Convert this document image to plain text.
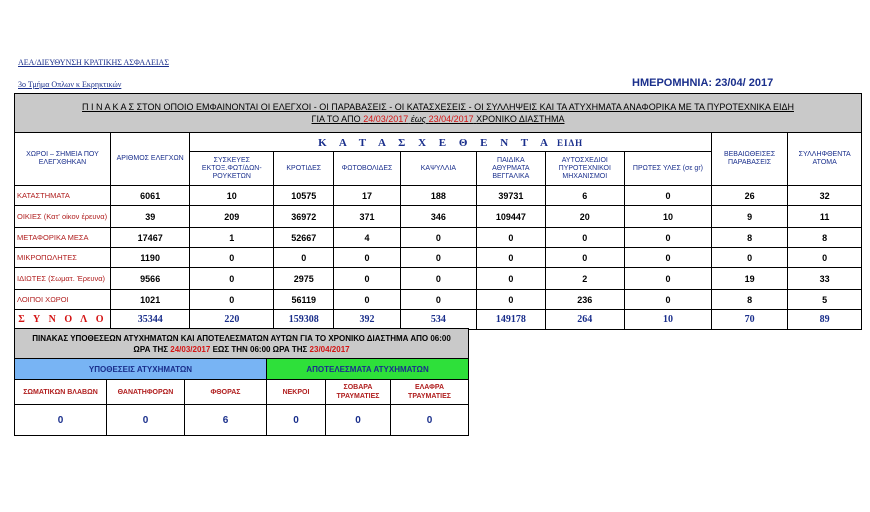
ΑΕΑ/ΔΙΕΥΘΥΝΣΗ ΚΡΑΤΙΚΗΣ ΑΣΦΑΛΕΙΑΣ
3ο Τμήμα Οπλων κ Εκρηκτικών	ΗΜΕΡΟΜΗΝΙΑ: 23/04/ 2017
Π Ι Ν Α Κ Α Σ ΣΤΟΝ ΟΠΟΙΟ ΕΜΦΑΙΝΟΝΤΑΙ ΟΙ ΕΛΕΓΧΟΙ - ΟΙ ΠΑΡΑΒΑΣΕΙΣ - ΟΙ ΚΑΤΑΣΧΕΣΕΙΣ - ΟΙ ΣΥΛΛΗΨΕΙΣ ΚΑΙ ΤΑ ΑΤΥΧΗΜΑΤΑ ΑΝΑΦΟΡΙΚΑ ΜΕ ΤΑ ΠΥΡΟΤΕΧΝΙΚΑ ΕΙΔΗ
ΓΙΑ ΤΟ ΑΠΟ 24/03/2017 έως 23/04/2017 ΧΡΟΝΙΚΟ ΔΙΑΣΤΗΜΑ										

ΧΩΡΟΙ – ΣΗΜΕΙΑ ΠΟΥ ΕΛΕΓΧΘΗΚΑΝ	ΑΡΙΘΜΟΣ ΕΛΕΓΧΩΝ	Κ Α Τ Α Σ Χ Ε Θ Ε Ν Τ Α ΕΙΔΗ							ΒΕΒΑΙΩΘΕΙΣΕΣ ΠΑΡΑΒΑΣΕΙΣ	ΣΥΛΛΗΦΘΕΝΤΑ ΑΤΟΜΑ
		ΣΥΣΚΕΥΕΣ ΕΚΤΟΞ.ΦΩΤ/ΔΩΝ-ΡΟΥΚΕΤΩΝ	ΚΡΟΤΙΔΕΣ	ΦΩΤΟΒΟΛΙΔΕΣ	ΚΑΨΥΛΛΙΑ	ΠΑΙΔΙΚΑ ΑΘΥΡΜΑΤΑ ΒΕΓΓΑΛΙΚΑ	ΑΥΤΟΣΧΕΔΙΟΙ ΠΥΡΟΤΕΧΝΙΚΟΙ ΜΗΧΑΝΙΣΜΟΙ	ΠΡΩΤΕΣ ΥΛΕΣ (σε gr)		
ΚΑΤΑΣΤΗΜΑΤΑ	6061	10	10575	17	188	39731	6	0	26	32
ΟΙΚΙΕΣ (Κατ' οίκον έρευνα)	39	209	36972	371	346	109447	20	10	9	11
ΜΕΤΑΦΟΡΙΚΑ ΜΕΣΑ	17467	1	52667	4	0	0	0	0	8	8
ΜΙΚΡΟΠΩΛΗΤΕΣ	1190	0	0	0	0	0	0	0	0	0
ΙΔΙΩΤΕΣ (Σωματ. Έρευνα)	9566	0	2975	0	0	0	2	0	19	33
ΛΟΙΠΟΙ ΧΩΡΟΙ	1021	0	56119	0	0	0	236	0	8	5
Σ Υ Ν Ο Λ Ο	35344	220	159308	392	534	149178	264	10	70	89
ΠΙΝΑΚΑΣ ΥΠΟΘΕΣΕΩΝ ΑΤΥΧΗΜΑΤΩΝ ΚΑΙ ΑΠΟΤΕΛΕΣΜΑΤΩΝ ΑΥΤΩΝ ΓΙΑ ΤΟ ΧΡΟΝΙΚΟ ΔΙΑΣΤΗΜΑ ΑΠΟ 06:00
ΩΡΑ ΤΗΣ 24/03/2017 ΕΩΣ ΤΗΝ 06:00 ΩΡΑ ΤΗΣ 23/04/2017					

ΥΠΟΘΕΣΕΙΣ ΑΤΥΧΗΜΑΤΩΝ			ΑΠΟΤΕΛΕΣΜΑΤΑ ΑΤΥΧΗΜΑΤΩΝ		
ΣΩΜΑΤΙΚΩΝ ΒΛΑΒΩΝ	ΘΑΝΑΤΗΦΟΡΩΝ	ΦΘΟΡΑΣ	ΝΕΚΡΟΙ	ΣΟΒΑΡΑ ΤΡΑΥΜΑΤΙΕΣ	ΕΛΑΦΡΑ ΤΡΑΥΜΑΤΙΕΣ
0	0	6	0	0	0
